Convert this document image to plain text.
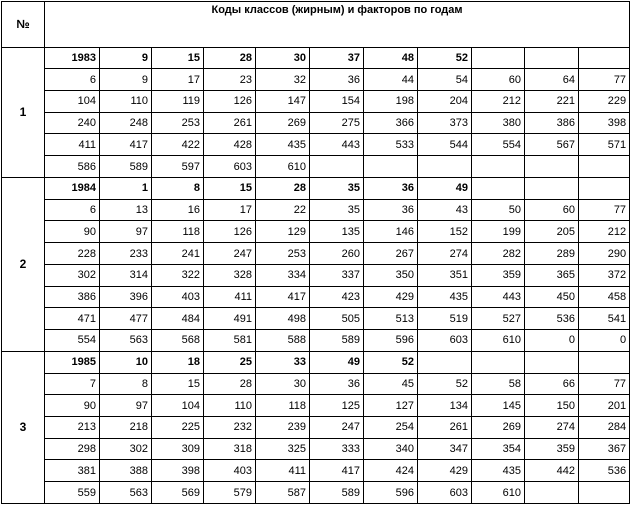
№	Коды классов (жирным) и факторов по годам										
1	1983	9	15	28	30	37	48	52			
	6	9	17	23	32	36	44	54	60	64	77
	104	110	119	126	147	154	198	204	212	221	229
	240	248	253	261	269	275	366	373	380	386	398
	411	417	422	428	435	443	533	544	554	567	571
	586	589	597	603	610						
2	1984	1	8	15	28	35	36	49			
	6	13	16	17	22	35	36	43	50	60	77
	90	97	118	126	129	135	146	152	199	205	212
	228	233	241	247	253	260	267	274	282	289	290
	302	314	322	328	334	337	350	351	359	365	372
	386	396	403	411	417	423	429	435	443	450	458
	471	477	484	491	498	505	513	519	527	536	541
	554	563	568	581	588	589	596	603	610	0	0
3	1985	10	18	25	33	49	52				
	7	8	15	28	30	36	45	52	58	66	77
	90	97	104	110	118	125	127	134	145	150	201
	213	218	225	232	239	247	254	261	269	274	284
	298	302	309	318	325	333	340	347	354	359	367
	381	388	398	403	411	417	424	429	435	442	536
	559	563	569	579	587	589	596	603	610		
